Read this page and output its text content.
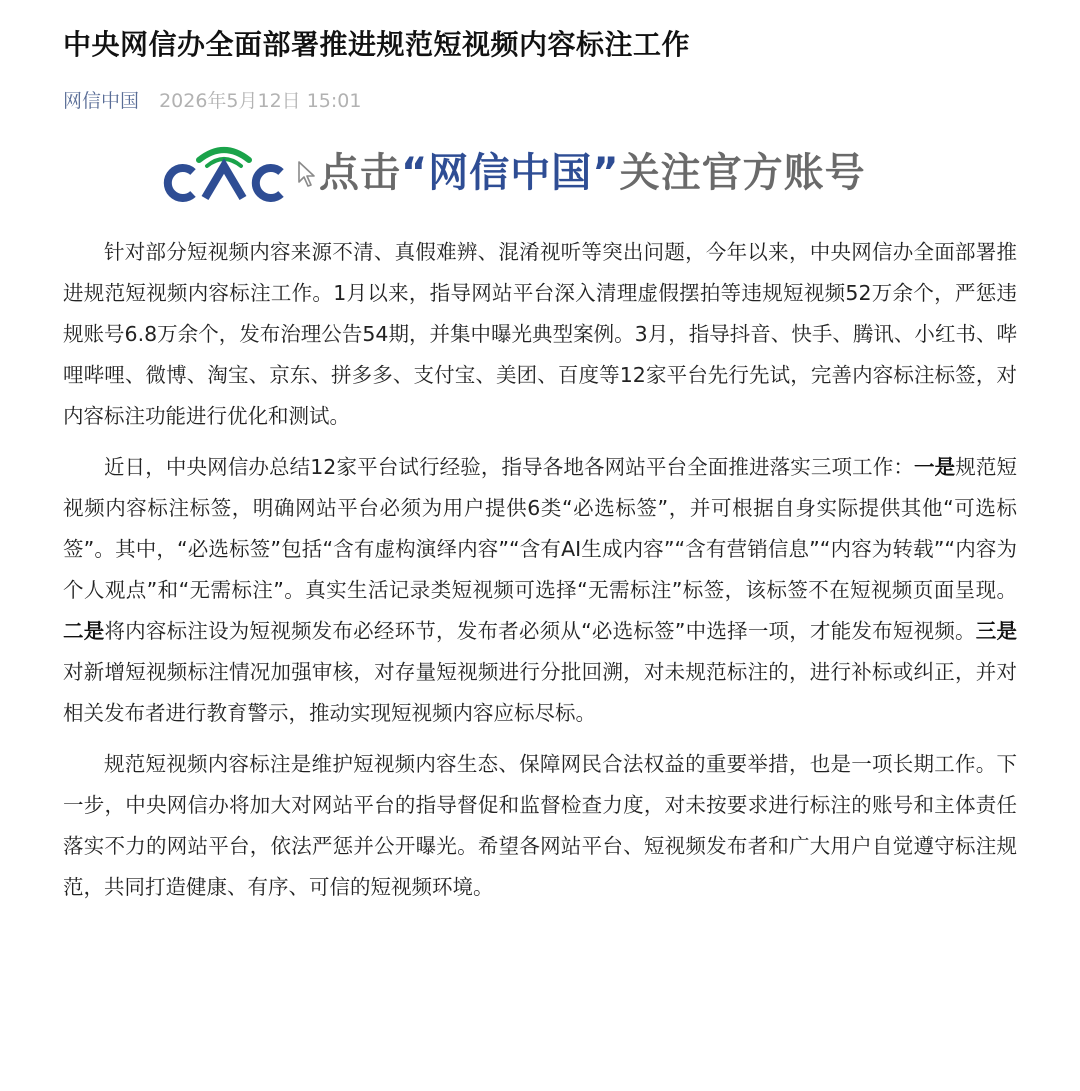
中央网信办全面部署推进规范短视频内容标注工作
网信中国 2026年5月12日 15:01
点击“网信中国”关注官方账号

针对部分短视频内容来源不清、真假难辨、混淆视听等突出问题，今年以来，中央网信办全面部署推进规范短视频内容标注工作。1月以来，指导网站平台深入清理虚假摆拍等违规短视频52万余个，严惩违规账号6.8万余个，发布治理公告54期，并集中曝光典型案例。3月，指导抖音、快手、腾讯、小红书、哔哩哔哩、微博、淘宝、京东、拼多多、支付宝、美团、百度等12家平台先行先试，完善内容标注标签，对内容标注功能进行优化和测试。

近日，中央网信办总结12家平台试行经验，指导各地各网站平台全面推进落实三项工作：一是规范短视频内容标注标签，明确网站平台必须为用户提供6类“必选标签”，并可根据自身实际提供其他“可选标签”。其中，“必选标签”包括“含有虚构演绎内容”“含有AI生成内容”“含有营销信息”“内容为转载”“内容为个人观点”和“无需标注”。真实生活记录类短视频可选择“无需标注”标签，该标签不在短视频页面呈现。二是将内容标注设为短视频发布必经环节，发布者必须从“必选标签”中选择一项，才能发布短视频。三是对新增短视频标注情况加强审核，对存量短视频进行分批回溯，对未规范标注的，进行补标或纠正，并对相关发布者进行教育警示，推动实现短视频内容应标尽标。

规范短视频内容标注是维护短视频内容生态、保障网民合法权益的重要举措，也是一项长期工作。下一步，中央网信办将加大对网站平台的指导督促和监督检查力度，对未按要求进行标注的账号和主体责任落实不力的网站平台，依法严惩并公开曝光。希望各网站平台、短视频发布者和广大用户自觉遵守标注规范，共同打造健康、有序、可信的短视频环境。
